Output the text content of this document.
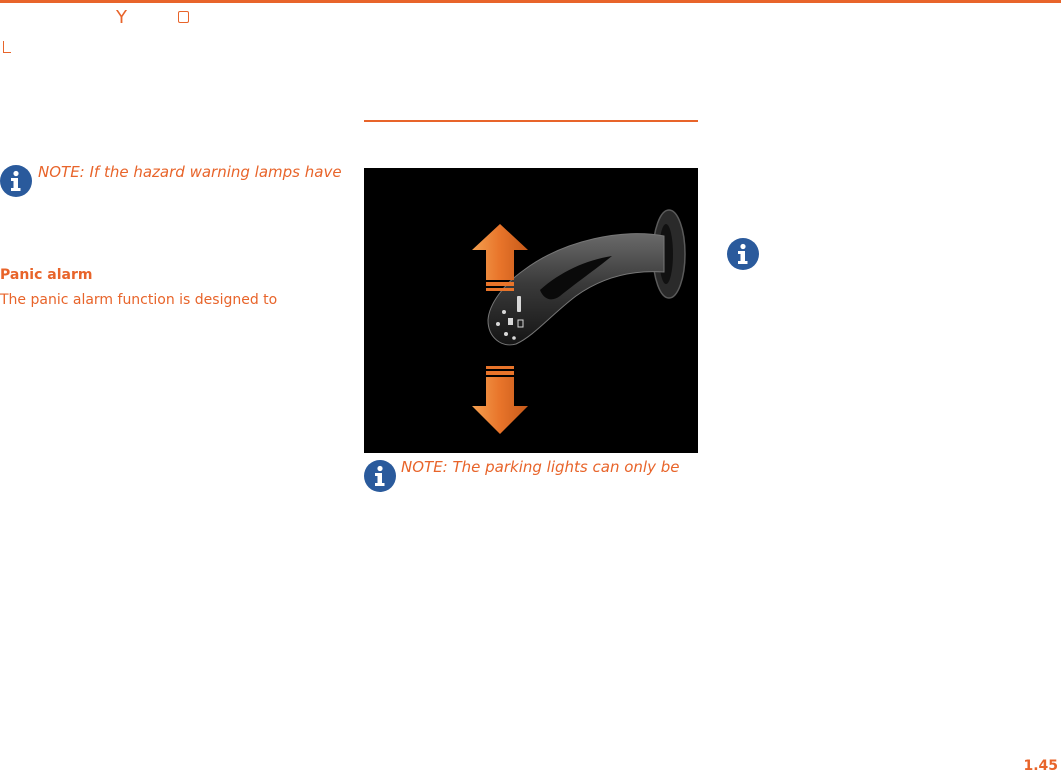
Y
NOTE: If the hazard warning lamps have
Panic alarm
The panic alarm function is designed to
NOTE: The parking lights can only be
1.45
